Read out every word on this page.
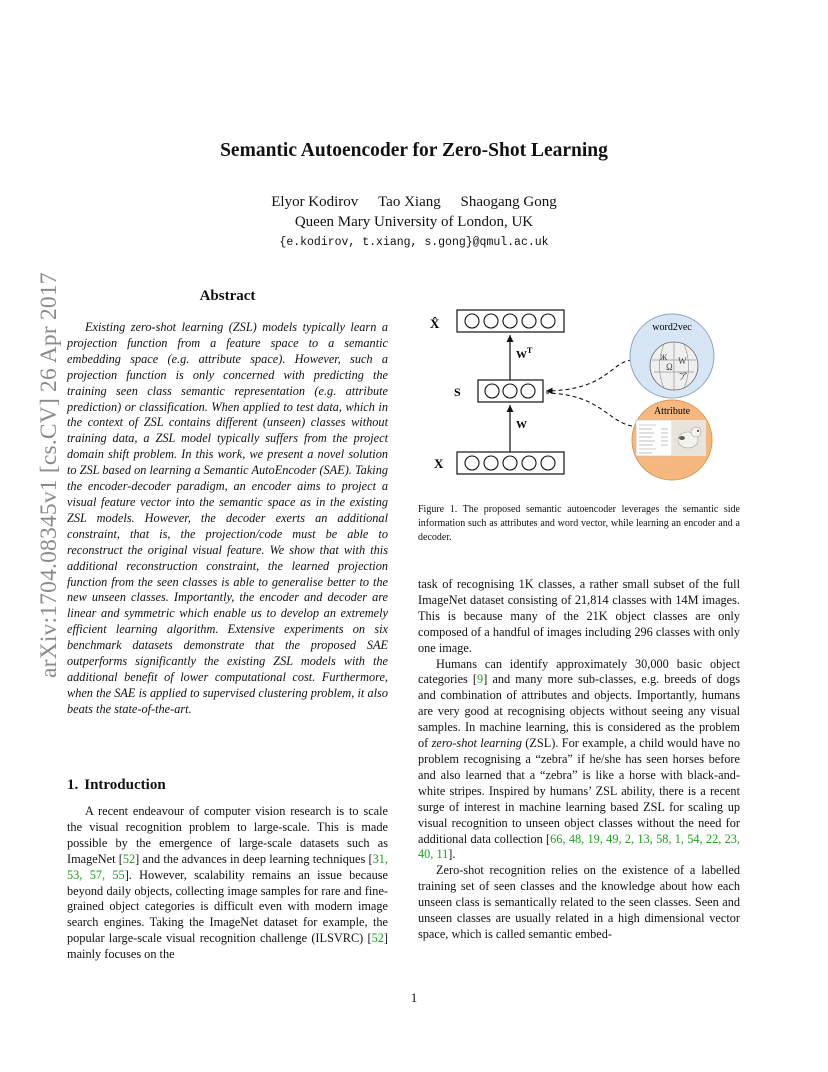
Semantic Autoencoder for Zero-Shot Learning
Elyor Kodirov Tao Xiang Shaogang Gong
Queen Mary University of London, UK
{e.kodirov, t.xiang, s.gong}@qmul.ac.uk
arXiv:1704.08345v1 [cs.CV] 26 Apr 2017	Abstract

Existing zero-shot learning (ZSL) models typically learn a projection function from a feature space to a semantic embedding space (e.g. attribute space). However, such a projection function is only concerned with predicting the training seen class semantic representation (e.g. attribute prediction) or classification. When applied to test data, which in the context of ZSL contains different (unseen) classes without training data, a ZSL model typically suffers from the project domain shift problem. In this work, we present a novel solution to ZSL based on learning a Semantic AutoEncoder (SAE). Taking the encoder-decoder paradigm, an encoder aims to project a visual feature vector into the semantic space as in the existing ZSL models. However, the decoder exerts an additional constraint, that is, the projection/code must be able to reconstruct the original visual feature. We show that with this additional reconstruction constraint, the learned projection function from the seen classes is able to generalise better to the new unseen classes. Importantly, the encoder and decoder are linear and symmetric which enable us to develop an extremely efficient learning algorithm. Extensive experiments on six benchmark datasets demonstrate that the proposed SAE outperforms significantly the existing ZSL models with the additional benefit of lower computational cost. Furthermore, when the SAE is applied to supervised clustering problem, it also beats the state-of-the-art.

1. Introduction

A recent endeavour of computer vision research is to scale the visual recognition problem to large-scale. This is made possible by the emergence of large-scale datasets such as ImageNet [52] and the advances in deep learning techniques [31, 53, 57, 55]. However, scalability remains an issue because beyond daily objects, collecting image samples for rare and fine-grained object categories is difficult even with modern image search engines. Taking the ImageNet dataset for example, the popular large-scale visual recognition challenge (ILSVRC) [52] mainly focuses on the

X̂
$W^T$
S
W
X
word2vec
Ω
W
ア
Ж
Attribute

Figure 1. The proposed semantic autoencoder leverages the semantic side information such as attributes and word vector, while learning an encoder and a decoder.

task of recognising 1K classes, a rather small subset of the full ImageNet dataset consisting of 21,814 classes with 14M images. This is because many of the 21K object classes are only composed of a handful of images including 296 classes with only one image.

Humans can identify approximately 30,000 basic object categories [9] and many more sub-classes, e.g. breeds of dogs and combination of attributes and objects. Importantly, humans are very good at recognising objects without seeing any visual samples. In machine learning, this is considered as the problem of zero-shot learning (ZSL). For example, a child would have no problem recognising a “zebra” if he/she has seen horses before and also learned that a “zebra” is like a horse with black-and-white stripes. Inspired by humans’ ZSL ability, there is a recent surge of interest in machine learning based ZSL for scaling up visual recognition to unseen object classes without the need for additional data collection [66, 48, 19, 49, 2, 13, 58, 1, 54, 22, 23, 40, 11].

Zero-shot recognition relies on the existence of a labelled training set of seen classes and the knowledge about how each unseen class is semantically related to the seen classes. Seen and unseen classes are usually related in a high dimensional vector space, which is called semantic embed-

1
